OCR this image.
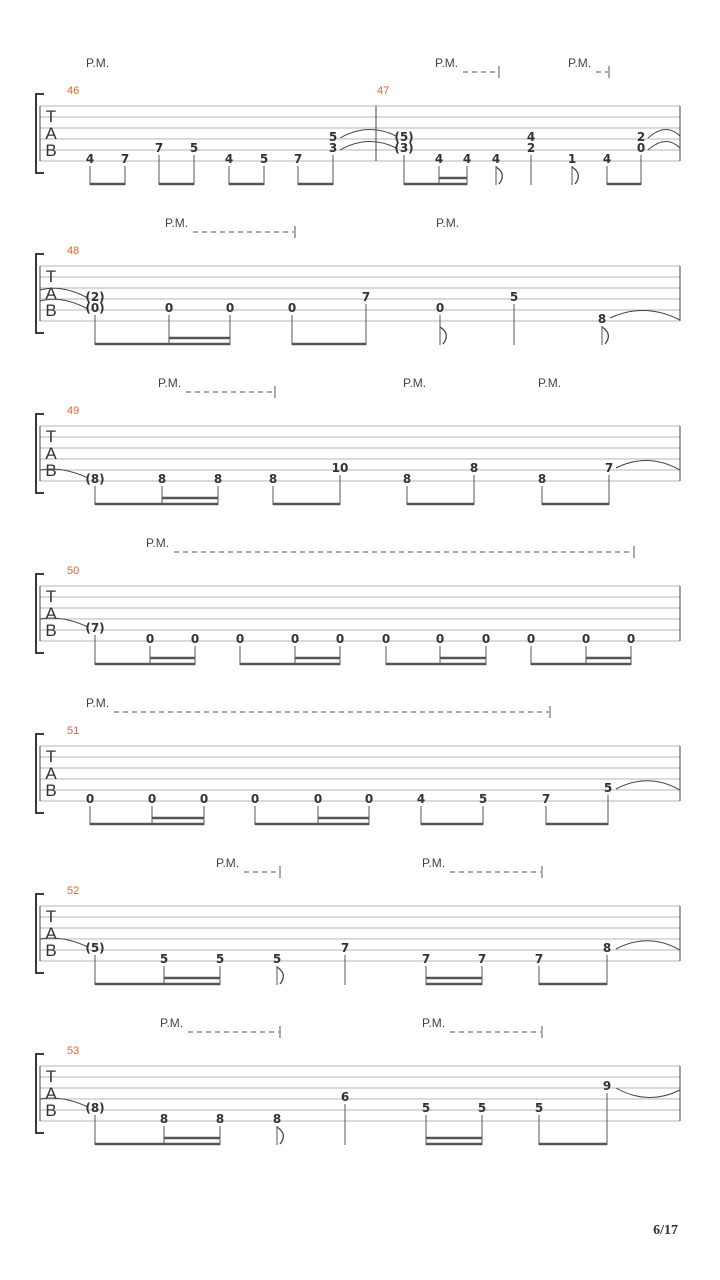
T
A
B
46	47
P.M.	P.M.	P.M.
4 7
7 5
4 5 7
5
3
(5)
(3)
4 4 4
4
2
1 4
2
0
T
A
B
48
P.M.	P.M.
(2)
(0)	0	0	0
7
0
5
8
T
A
B
49
P.M.	P.M.	P.M.
(8)	8	8	8
10
8
8
8
7
T
A
B
50
P.M.
(7)
0	0	0	0	0	0	0	0	0	0	0
T
A
B
51
P.M.
0	0	0	0	0	0	4	5	7
5
T
A
B
52
P.M.	P.M.
(5)
5	5	5
7
7	7	7
8
T
A
B
53
P.M.	P.M.
(8)
8	8	8
6
5	5	5
9
6/17
